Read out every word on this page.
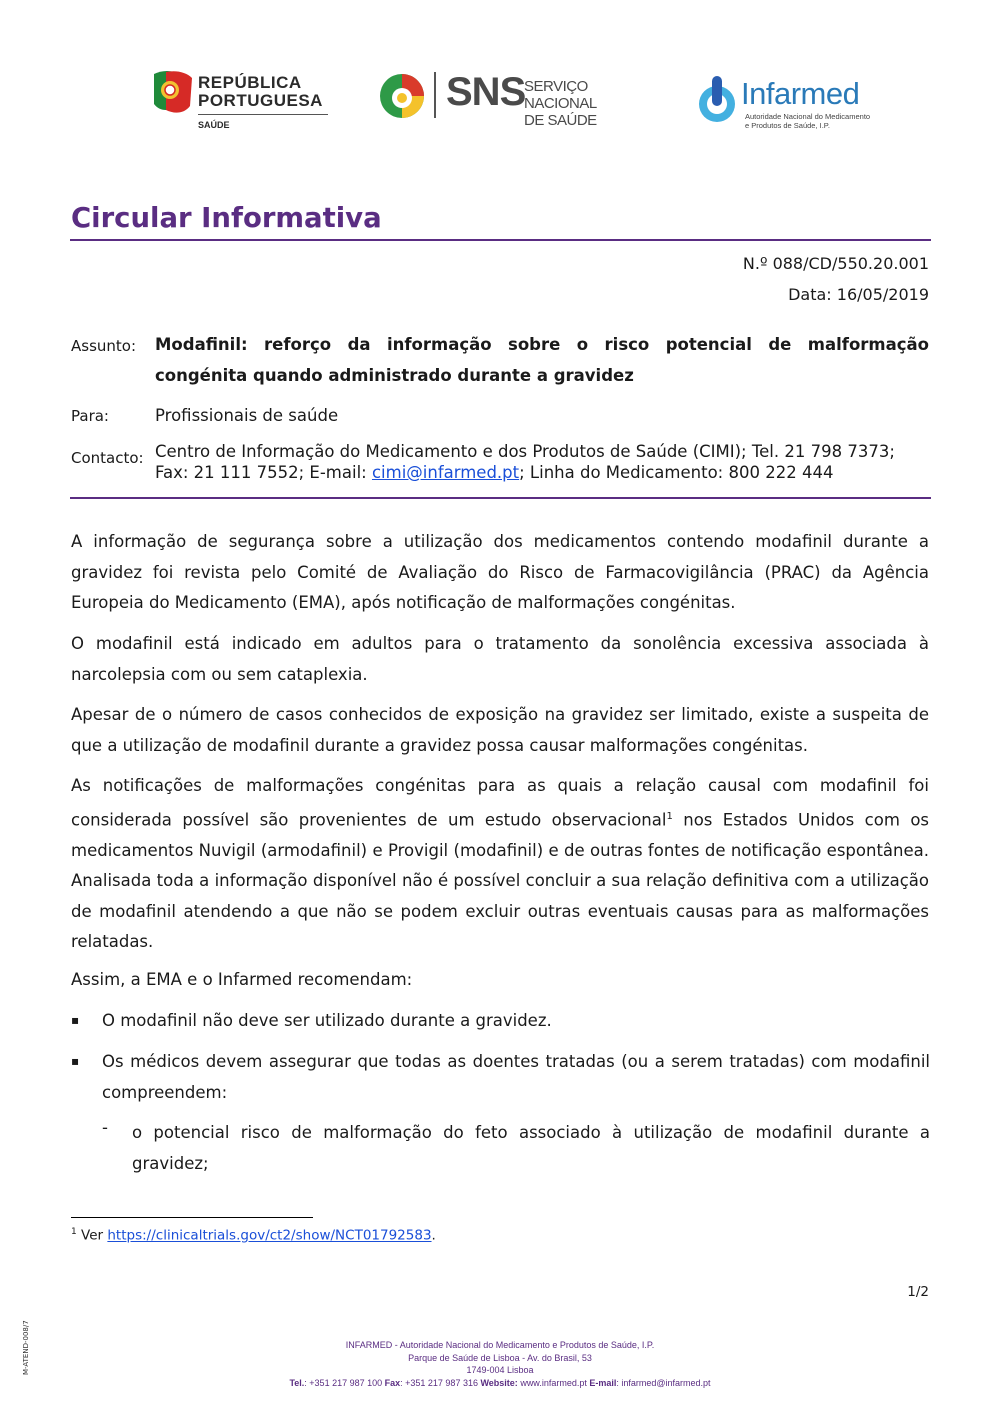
REPÚBLICA
PORTUGUESA
SAÚDE
SNS
SERVIÇO NACIONAL
DE SAÚDE
Infarmed
Autoridade Nacional do Medicamento
e Produtos de Saúde, I.P.
Circular Informativa
N.º 088/CD/550.20.001
Data: 16/05/2019
Assunto: Modafinil: reforço da informação sobre o risco potencial de malformação congénita quando administrado durante a gravidez
Para:	Profissionais de saúde
Contacto: Centro de Informação do Medicamento e dos Produtos de Saúde (CIMI); Tel. 21 798 7373;
Fax: 21 111 7552; E-mail: cimi@infarmed.pt; Linha do Medicamento: 800 222 444
A informação de segurança sobre a utilização dos medicamentos contendo modafinil durante a gravidez foi revista pelo Comité de Avaliação do Risco de Farmacovigilância (PRAC) da Agência Europeia do Medicamento (EMA), após notificação de malformações congénitas.
O modafinil está indicado em adultos para o tratamento da sonolência excessiva associada à narcolepsia com ou sem cataplexia.
Apesar de o número de casos conhecidos de exposição na gravidez ser limitado, existe a suspeita de que a utilização de modafinil durante a gravidez possa causar malformações congénitas.
As notificações de malformações congénitas para as quais a relação causal com modafinil foi considerada possível são provenientes de um estudo observacional$^1$ nos Estados Unidos com os medicamentos Nuvigil (armodafinil) e Provigil (modafinil) e de outras fontes de notificação espontânea. Analisada toda a informação disponível não é possível concluir a sua relação definitiva com a utilização de modafinil atendendo a que não se podem excluir outras eventuais causas para as malformações relatadas.
Assim, a EMA e o Infarmed recomendam:
▪ O modafinil não deve ser utilizado durante a gravidez.
▪ Os médicos devem assegurar que todas as doentes tratadas (ou a serem tratadas) com modafinil compreendem:
- o potencial risco de malformação do feto associado à utilização de modafinil durante a gravidez;
$^1$ Ver https://clinicaltrials.gov/ct2/show/NCT01792583.
1/2
M-ATEND-008/7	INFARMED - Autoridade Nacional do Medicamento e Produtos de Saúde, I.P.
Parque de Saúde de Lisboa - Av. do Brasil, 53
1749-004 Lisboa
Tel.: +351 217 987 100 Fax: +351 217 987 316 Website: www.infarmed.pt E-mail: infarmed@infarmed.pt
